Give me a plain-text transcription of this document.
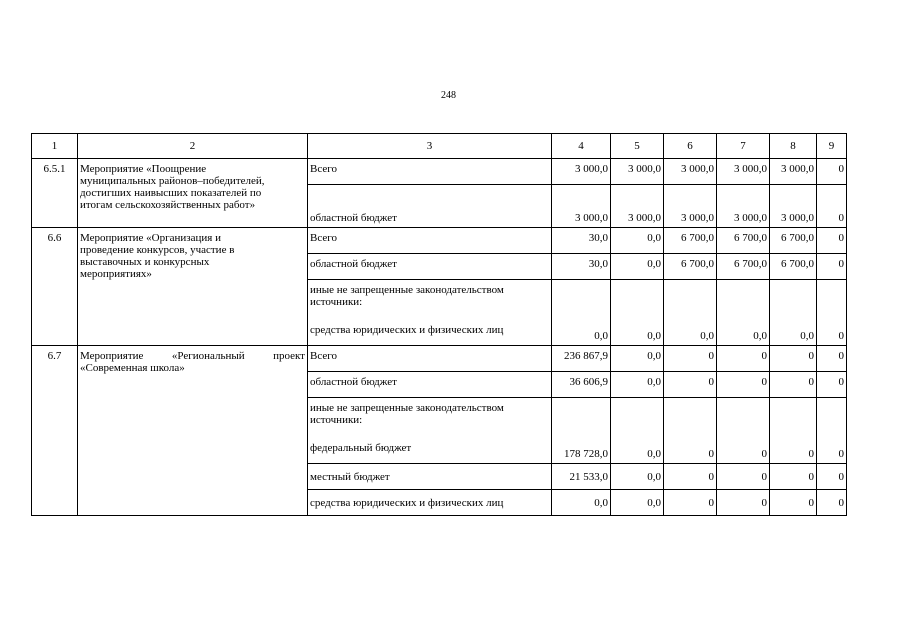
248
1	2	3	4	5	6	7	8	9
6.5.1	Мероприятие «Поощрение
муниципальных районов–победителей,
достигших наивысших показателей по
итогам сельскохозяйственных работ»	Всего	3 000,0	3 000,0	3 000,0	3 000,0	3 000,0	0
		областной бюджет	3 000,0	3 000,0	3 000,0	3 000,0	3 000,0	0
6.6	Мероприятие «Организация и
проведение конкурсов, участие в
выставочных и конкурсных
мероприятиях»	Всего	30,0	0,0	6 700,0	6 700,0	6 700,0	0
		областной бюджет	30,0	0,0	6 700,0	6 700,0	6 700,0	0

		иные не запрещенные законодательством
источники:
средства юридических и физических лиц	0,0	0,0	0,0	0,0	0,0	0
6.7	Мероприятие «Региональный проект
«Современная школа»	Всего	236 867,9	0,0	0	0	0	0
		областной бюджет	36 606,9	0,0	0	0	0	0

		иные не запрещенные законодательством
источники:
федеральный бюджет	178 728,0	0,0	0	0	0	0
		местный бюджет	21 533,0	0,0	0	0	0	0
		средства юридических и физических лиц	0,0	0,0	0	0	0	0
